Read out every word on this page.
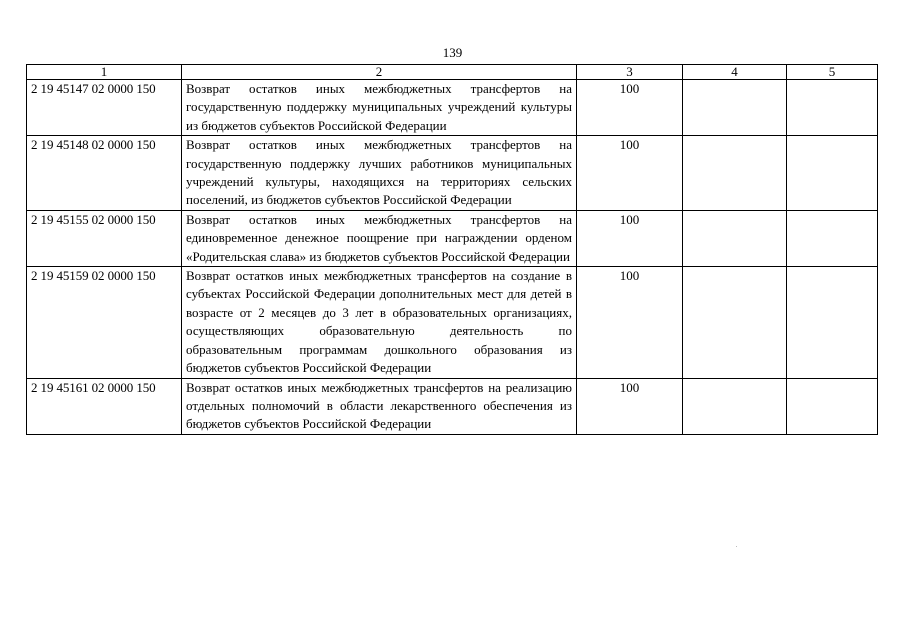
139
1	2	3	4	5
2 19 45147 02 0000 150	Возврат остатков иных межбюджетных трансфертов на государственную поддержку муниципальных учреждений культуры из бюджетов субъектов Российской Федерации	100		
2 19 45148 02 0000 150	Возврат остатков иных межбюджетных трансфертов на государственную поддержку лучших работников муниципальных учреждений культуры, находящихся на территориях сельских поселений, из бюджетов субъектов Российской Федерации	100		
2 19 45155 02 0000 150	Возврат остатков иных межбюджетных трансфертов на единовременное денежное поощрение при награждении орденом «Родительская слава» из бюджетов субъектов Российской Федерации	100		
2 19 45159 02 0000 150	Возврат остатков иных межбюджетных трансфертов на создание в субъектах Российской Федерации дополнительных мест для детей в возрасте от 2 месяцев до 3 лет в образовательных организациях, осуществляющих образовательную деятельность по образовательным программам дошкольного образования из бюджетов субъектов Российской Федерации	100		
2 19 45161 02 0000 150	Возврат остатков иных межбюджетных трансфертов на реализацию отдельных полномочий в области лекарственного обеспечения из бюджетов субъектов Российской Федерации	100		
